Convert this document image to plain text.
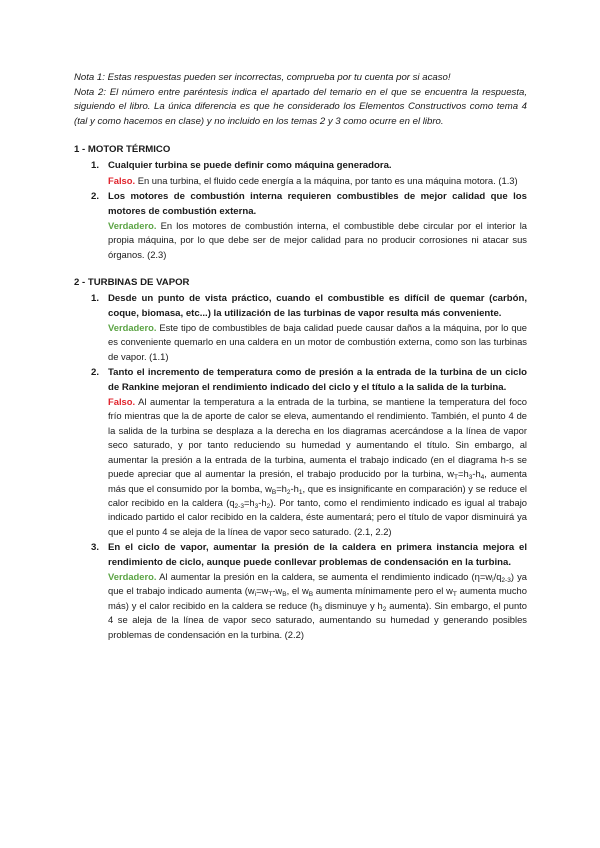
Nota 1: Estas respuestas pueden ser incorrectas, comprueba por tu cuenta por si acaso!

Nota 2: El número entre paréntesis indica el apartado del temario en el que se encuentra la respuesta, siguiendo el libro. La única diferencia es que he considerado los Elementos Constructivos como tema 4 (tal y como hacemos en clase) y no incluido en los temas 2 y 3 como ocurre en el libro.

1 - MOTOR TÉRMICO

1. Cualquier turbina se puede definir como máquina generadora.

Falso. En una turbina, el fluido cede energía a la máquina, por tanto es una máquina motora. (1.3)

2. Los motores de combustión interna requieren combustibles de mejor calidad que los motores de combustión externa.

Verdadero. En los motores de combustión interna, el combustible debe circular por el interior la propia máquina, por lo que debe ser de mejor calidad para no producir corrosiones ni atacar sus órganos. (2.3)

2 - TURBINAS DE VAPOR

1. Desde un punto de vista práctico, cuando el combustible es difícil de quemar (carbón, coque, biomasa, etc...) la utilización de las turbinas de vapor resulta más conveniente.

Verdadero. Este tipo de combustibles de baja calidad puede causar daños a la máquina, por lo que es conveniente quemarlo en una caldera en un motor de combustión externa, como son las turbinas de vapor. (1.1)

2. Tanto el incremento de temperatura como de presión a la entrada de la turbina de un ciclo de Rankine mejoran el rendimiento indicado del ciclo y el título a la salida de la turbina.

Falso. Al aumentar la temperatura a la entrada de la turbina, se mantiene la temperatura del foco frío mientras que la de aporte de calor se eleva, aumentando el rendimiento. También, el punto 4 de la salida de la turbina se desplaza a la derecha en los diagramas acercándose a la línea de vapor seco saturado, y por tanto reduciendo su humedad y aumentando el título. Sin embargo, al aumentar la presión a la entrada de la turbina, aumenta el trabajo indicado (en el diagrama h-s se puede apreciar que al aumentar la presión, el trabajo producido por la turbina, $w_T=h_3-h_4$, aumenta más que el consumido por la bomba, $w_B=h_2-h_1$, que es insignificante en comparación) y se reduce el calor recibido en la caldera $(q_{2-3}=h_3-h_2)$. Por tanto, como el rendimiento indicado es igual al trabajo indicado partido el calor recibido en la caldera, éste aumentará; pero el título de vapor disminuirá ya que el punto 4 se aleja de la línea de vapor seco saturado. (2.1, 2.2)

3. En el ciclo de vapor, aumentar la presión de la caldera en primera instancia mejora el rendimiento de ciclo, aunque puede conllevar problemas de condensación en la turbina.

Verdadero. Al aumentar la presión en la caldera, se aumenta el rendimiento indicado $(\eta=w_i/q_{2-3})$ ya que el trabajo indicado aumenta ($w_i=w_T-w_B$, el $w_B$ aumenta mínimamente pero el $w_T$ aumenta mucho más) y el calor recibido en la caldera se reduce ($h_3$ disminuye y $h_2$ aumenta). Sin embargo, el punto 4 se aleja de la línea de vapor seco saturado, aumentando su humedad y generando posibles problemas de condensación en la turbina. (2.2)
